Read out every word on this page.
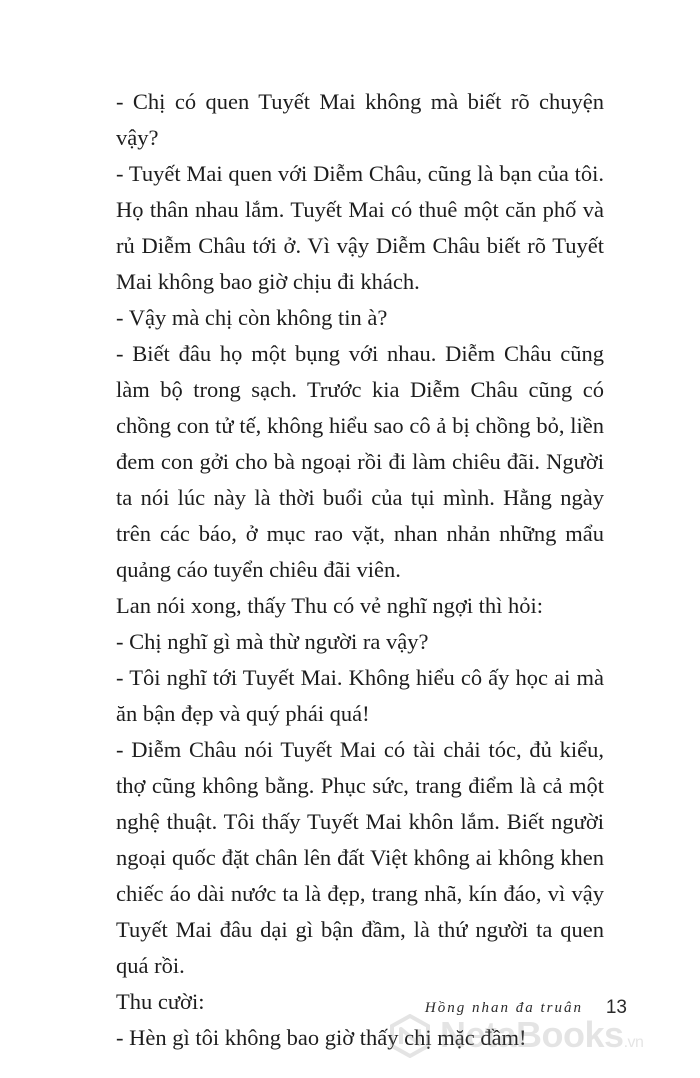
- Chị có quen Tuyết Mai không mà biết rõ chuyện vậy?

- Tuyết Mai quen với Diễm Châu, cũng là bạn của tôi. Họ thân nhau lắm. Tuyết Mai có thuê một căn phố và rủ Diễm Châu tới ở. Vì vậy Diễm Châu biết rõ Tuyết Mai không bao giờ chịu đi khách.

- Vậy mà chị còn không tin à?

- Biết đâu họ một bụng với nhau. Diễm Châu cũng làm bộ trong sạch. Trước kia Diễm Châu cũng có chồng con tử tế, không hiểu sao cô ả bị chồng bỏ, liền đem con gởi cho bà ngoại rồi đi làm chiêu đãi. Người ta nói lúc này là thời buổi của tụi mình. Hằng ngày trên các báo, ở mục rao vặt, nhan nhản những mẩu quảng cáo tuyển chiêu đãi viên.

Lan nói xong, thấy Thu có vẻ nghĩ ngợi thì hỏi:

- Chị nghĩ gì mà thừ người ra vậy?

- Tôi nghĩ tới Tuyết Mai. Không hiểu cô ấy học ai mà ăn bận đẹp và quý phái quá!

- Diễm Châu nói Tuyết Mai có tài chải tóc, đủ kiểu, thợ cũng không bằng. Phục sức, trang điểm là cả một nghệ thuật. Tôi thấy Tuyết Mai khôn lắm. Biết người ngoại quốc đặt chân lên đất Việt không ai không khen chiếc áo dài nước ta là đẹp, trang nhã, kín đáo, vì vậy Tuyết Mai đâu dại gì bận đầm, là thứ người ta quen quá rồi.

Thu cười:

- Hèn gì tôi không bao giờ thấy chị mặc đầm!

Hồng nhan đa truân 13
NetaBooks.vn
